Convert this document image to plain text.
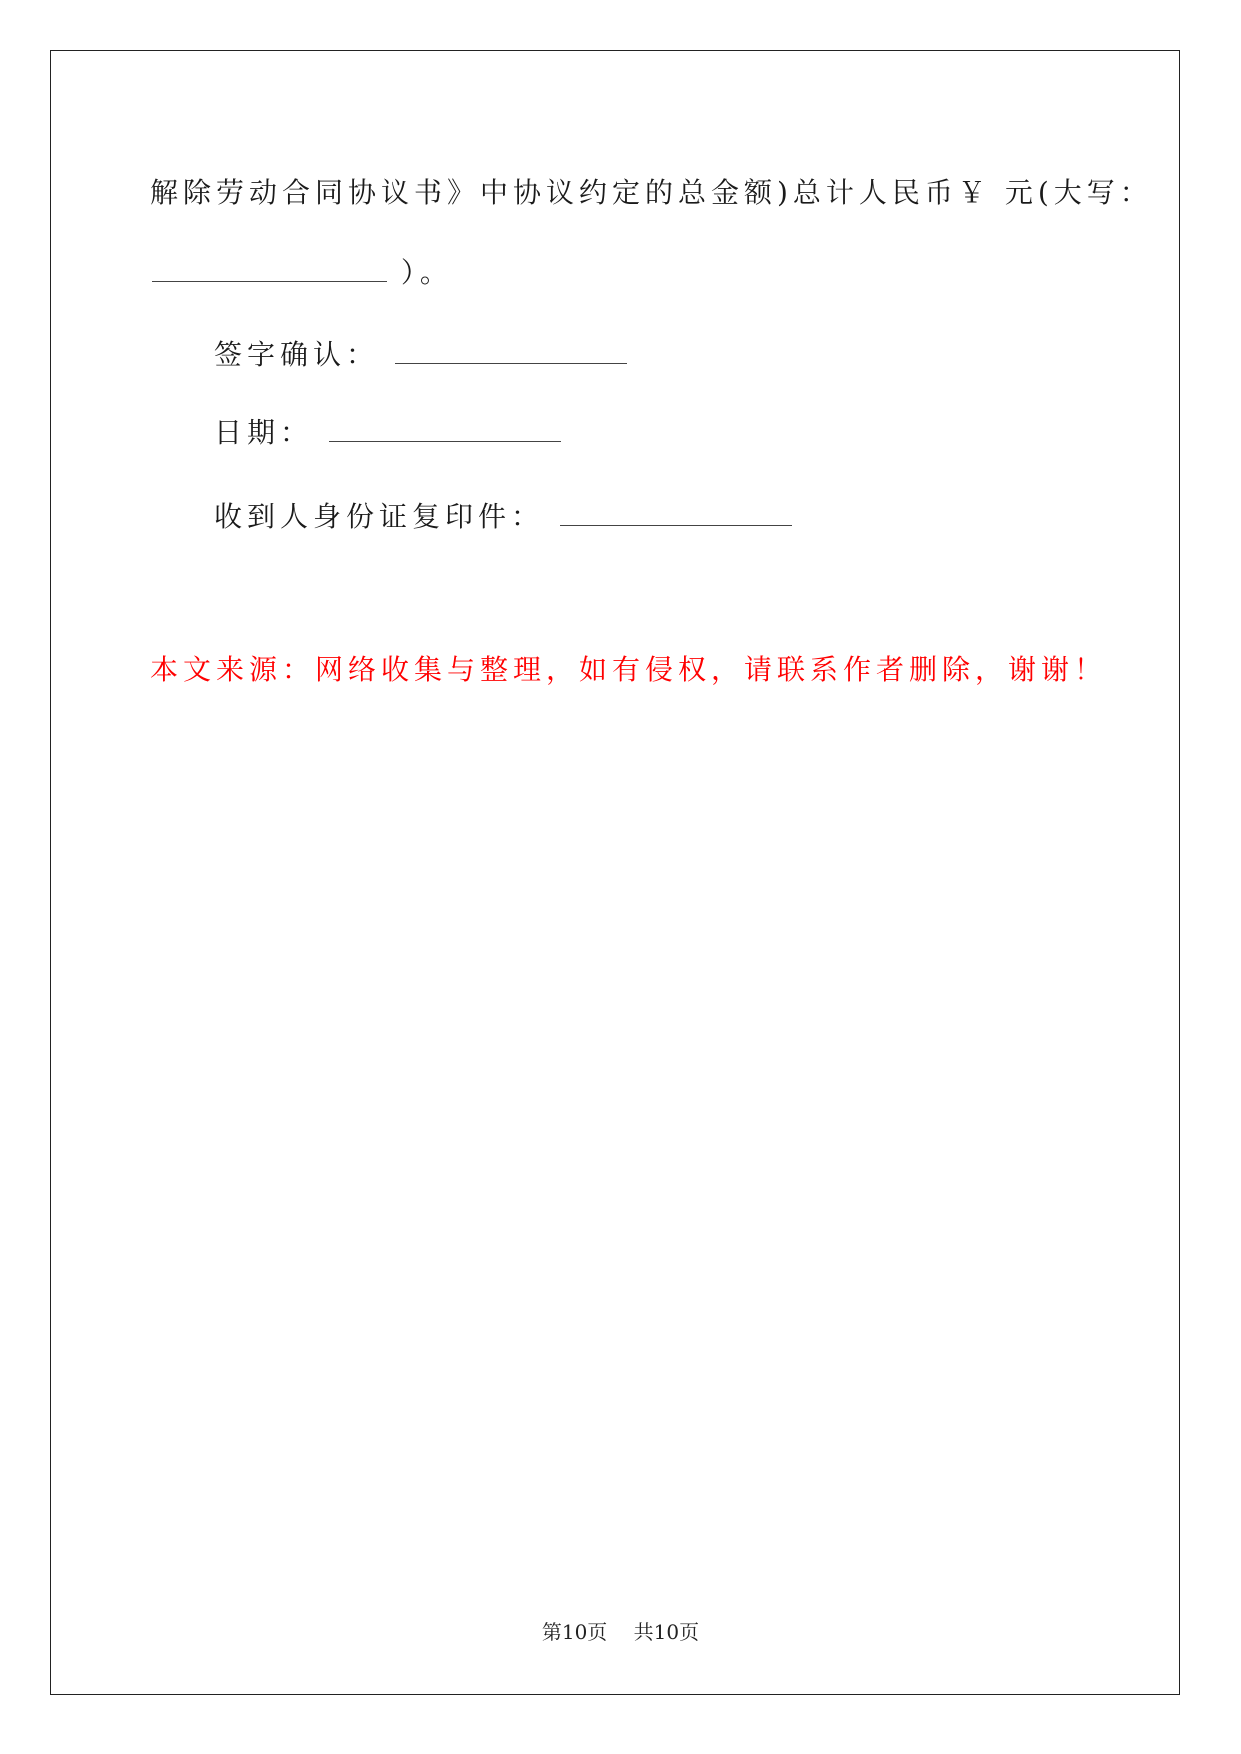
解除劳动合同协议书》中协议约定的总金额)总计人民币￥ 元(大写：
）。
签字确认：
日期：
收到人身份证复印件：
本文来源：网络收集与整理，如有侵权，请联系作者删除，谢谢！
第10页 共10页
